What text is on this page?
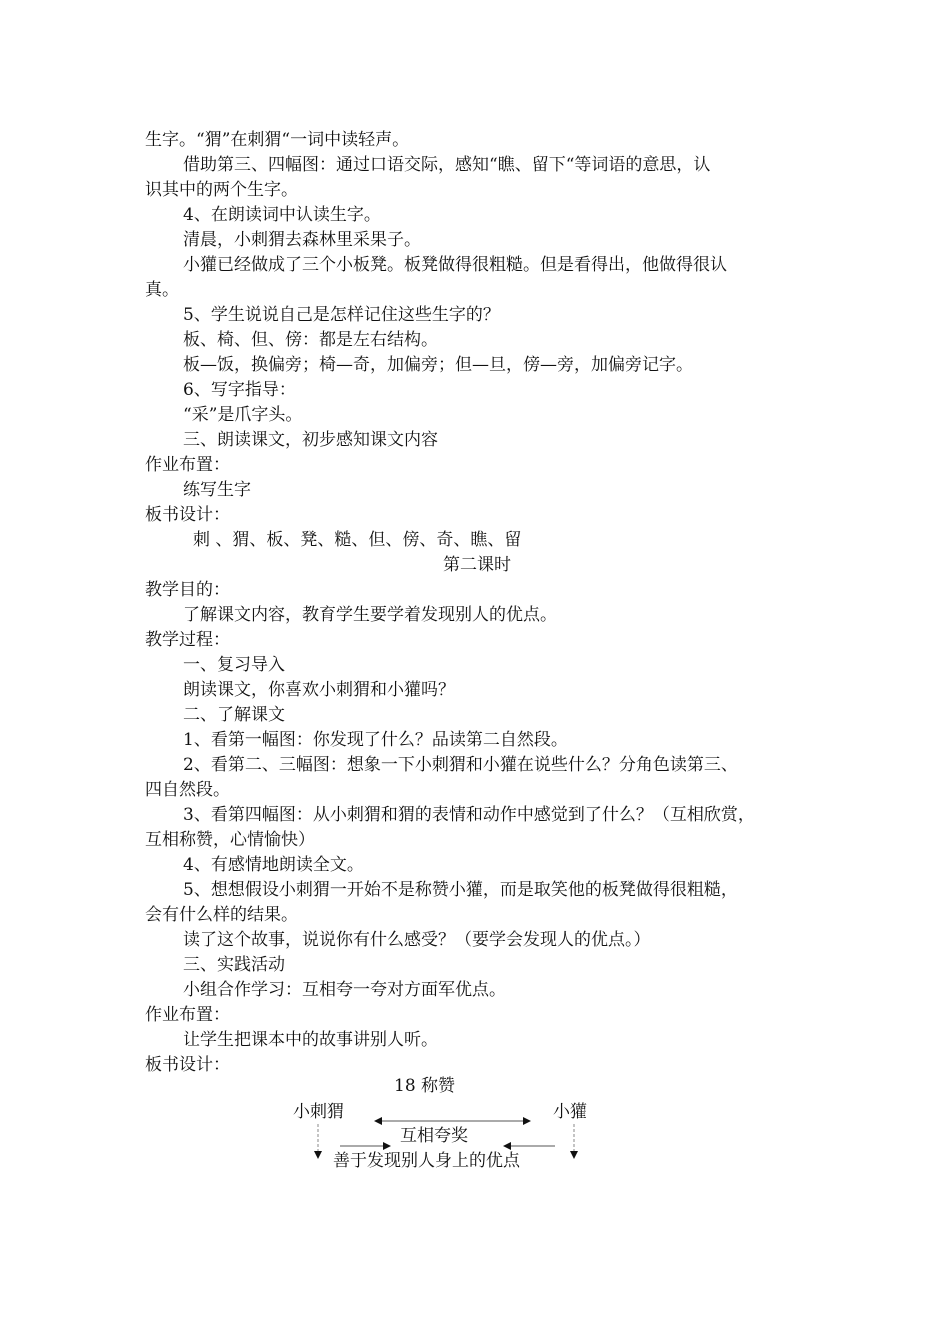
生字。“猬”在刺猬“一词中读轻声。
借助第三、四幅图：通过口语交际，感知“瞧、留下“等词语的意思，认
识其中的两个生字。
4、在朗读词中认读生字。
清晨，小刺猬去森林里采果子。
小獾已经做成了三个小板凳。板凳做得很粗糙。但是看得出，他做得很认
真。
5、学生说说自己是怎样记住这些生字的？
板、椅、但、傍：都是左右结构。
板—饭，换偏旁；椅—奇，加偏旁；但—旦，傍—旁，加偏旁记字。
6、写字指导：
“采”是爪字头。
三、朗读课文，初步感知课文内容
作业布置：
练写生字
板书设计：
刺 、猬、板、凳、糙、但、傍、奇、瞧、留
第二课时
教学目的：
了解课文内容，教育学生要学着发现别人的优点。
教学过程：
一、复习导入
朗读课文，你喜欢小刺猬和小獾吗？
二、了解课文
1、看第一幅图：你发现了什么？品读第二自然段。
2、看第二、三幅图：想象一下小刺猬和小獾在说些什么？分角色读第三、
四自然段。
3、看第四幅图：从小刺猬和猬的表情和动作中感觉到了什么？（互相欣赏，
互相称赞，心情愉快）
4、有感情地朗读全文。
5、想想假设小刺猬一开始不是称赞小獾，而是取笑他的板凳做得很粗糙，
会有什么样的结果。
读了这个故事，说说你有什么感受？（要学会发现人的优点。）
三、实践活动
小组合作学习：互相夸一夸对方面军优点。
作业布置：
让学生把课本中的故事讲别人听。
板书设计：
18 称赞
小刺猬	小獾
互相夸奖
善于发现别人身上的优点
